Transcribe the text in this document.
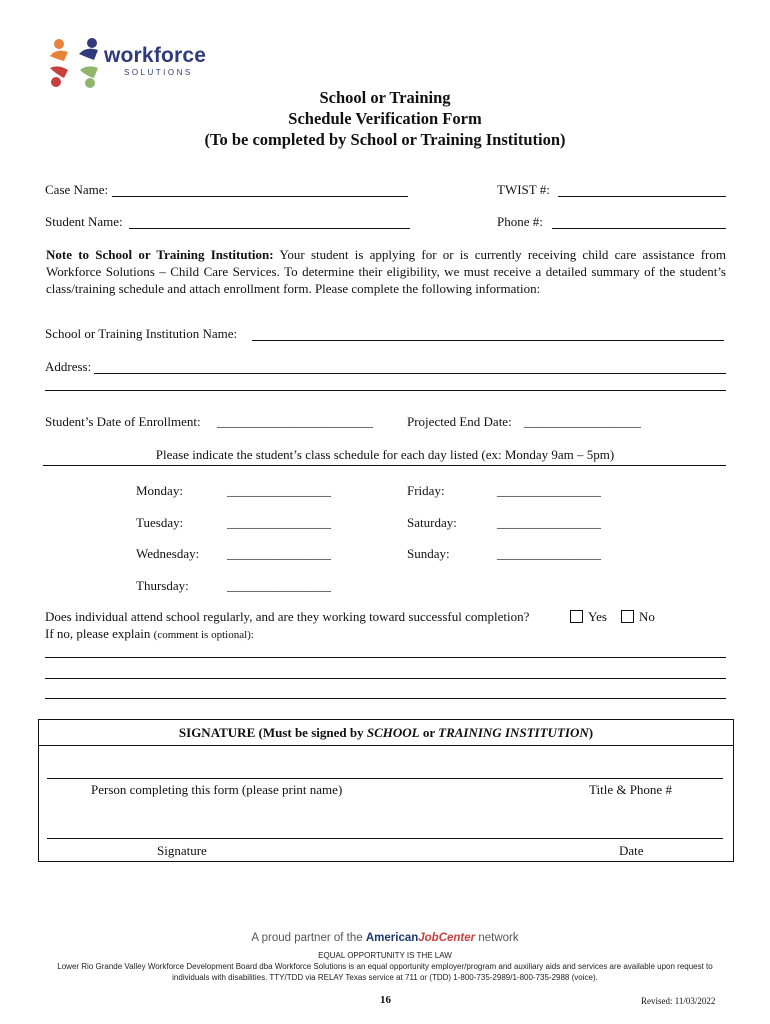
workforce
SOLUTIONS
School or Training
Schedule Verification Form
(To be completed by School or Training Institution)
Case Name:	TWIST #:
Student Name:	Phone #:
Note to School or Training Institution: Your student is applying for or is currently receiving child care assistance from Workforce Solutions – Child Care Services. To determine their eligibility, we must receive a detailed summary of the student’s class/training schedule and attach enrollment form. Please complete the following information:
School or Training Institution Name:
Address:
Student’s Date of Enrollment: ________________________	Projected End Date: __________________
Please indicate the student’s class schedule for each day listed (ex: Monday 9am – 5pm)
Monday:	________________	Friday:	________________
Tuesday:	________________	Saturday:	________________
Wednesday: ________________	Sunday:	________________
Thursday:	________________
Does individual attend school regularly, and are they working toward successful completion?	Yes No
If no, please explain (comment is optional):
SIGNATURE (Must be signed by SCHOOL or TRAINING INSTITUTION)
Person completing this form (please print name)	Title & Phone #
Signature	Date
A proud partner of the AmericanJobCenter network
EQUAL OPPORTUNITY IS THE LAW
Lower Rio Grande Valley Workforce Development Board dba Workforce Solutions is an equal opportunity employer/program and auxiliary aids and services are available upon request to
individuals with disabilities. TTY/TDD via RELAY Texas service at 711 or (TDD) 1-800-735-2989/1-800-735-2988 (voice).
16	Revised: 11/03/2022
